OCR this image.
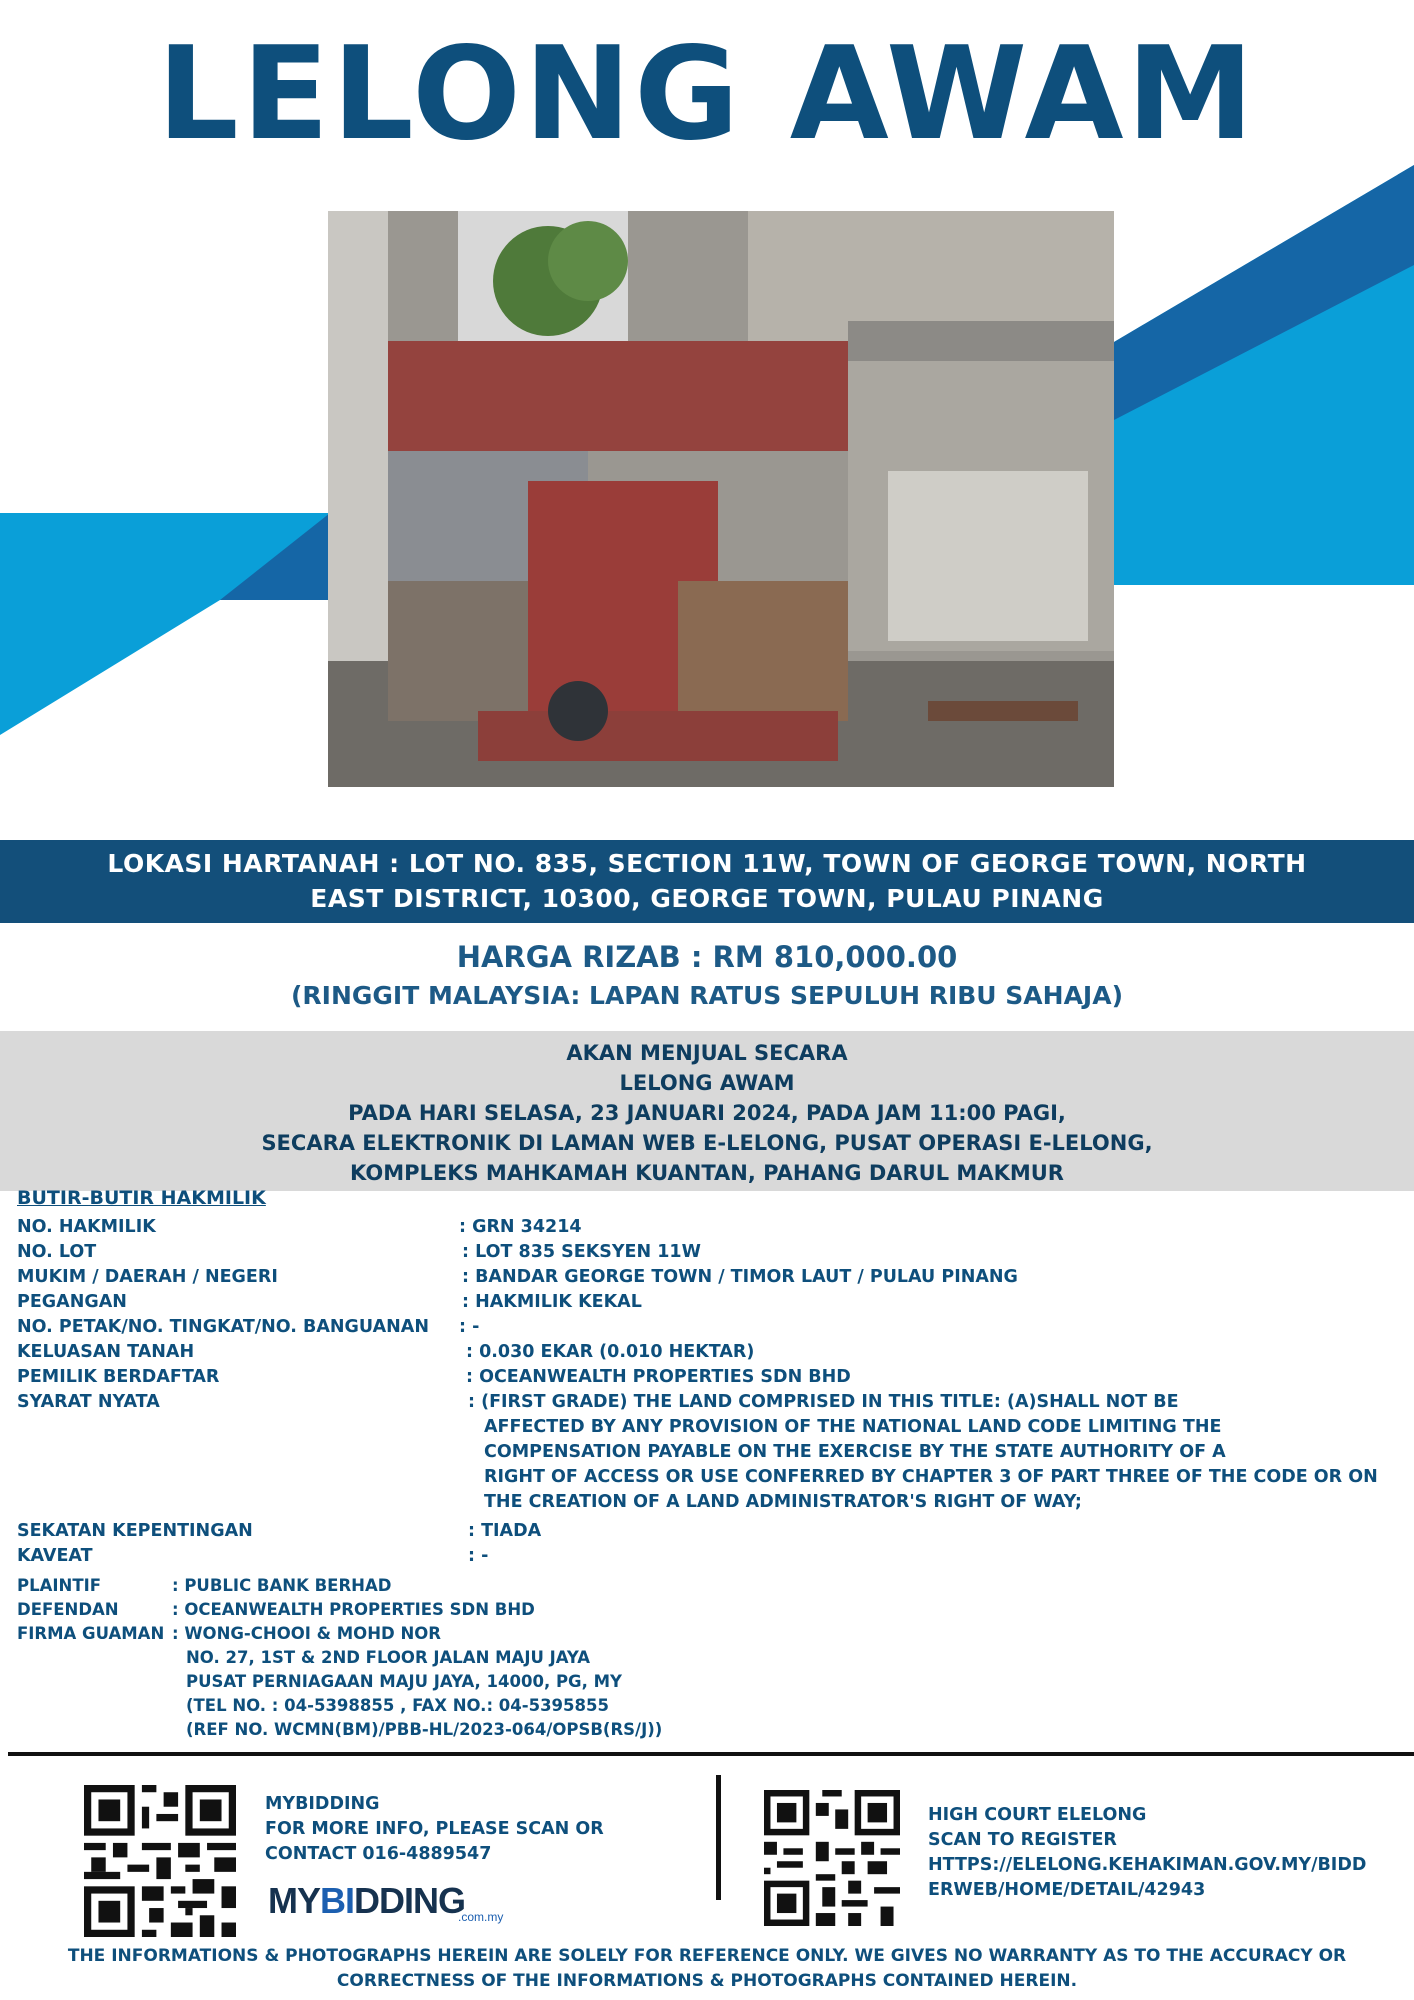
LELONG AWAM
LOKASI HARTANAH : LOT NO. 835, SECTION 11W, TOWN OF GEORGE TOWN, NORTH
EAST DISTRICT, 10300, GEORGE TOWN, PULAU PINANG
HARGA RIZAB : RM 810,000.00
(RINGGIT MALAYSIA: LAPAN RATUS SEPULUH RIBU SAHAJA)
AKAN MENJUAL SECARA
LELONG AWAM
PADA HARI SELASA, 23 JANUARI 2024, PADA JAM 11:00 PAGI,
SECARA ELEKTRONIK DI LAMAN WEB E-LELONG, PUSAT OPERASI E-LELONG,
KOMPLEKS MAHKAMAH KUANTAN, PAHANG DARUL MAKMUR
BUTIR-BUTIR HAKMILIK
NO. HAKMILIK	: GRN 34214
NO. LOT	: LOT 835 SEKSYEN 11W
MUKIM / DAERAH / NEGERI	: BANDAR GEORGE TOWN / TIMOR LAUT / PULAU PINANG
PEGANGAN	: HAKMILIK KEKAL
NO. PETAK/NO. TINGKAT/NO. BANGUANAN : -
KELUASAN TANAH	: 0.030 EKAR (0.010 HEKTAR)
PEMILIK BERDAFTAR	: OCEANWEALTH PROPERTIES SDN BHD
SYARAT NYATA	: (FIRST GRADE) THE LAND COMPRISED IN THIS TITLE: (A)SHALL NOT BE
AFFECTED BY ANY PROVISION OF THE NATIONAL LAND CODE LIMITING THE
COMPENSATION PAYABLE ON THE EXERCISE BY THE STATE AUTHORITY OF A
RIGHT OF ACCESS OR USE CONFERRED BY CHAPTER 3 OF PART THREE OF THE CODE OR ON
THE CREATION OF A LAND ADMINISTRATOR'S RIGHT OF WAY;
SEKATAN KEPENTINGAN	: TIADA
KAVEAT	: -
PLAINTIF	: PUBLIC BANK BERHAD
DEFENDAN	: OCEANWEALTH PROPERTIES SDN BHD
FIRMA GUAMAN : WONG-CHOOI & MOHD NOR
NO. 27, 1ST & 2ND FLOOR JALAN MAJU JAYA
PUSAT PERNIAGAAN MAJU JAYA, 14000, PG, MY
(TEL NO. : 04-5398855 , FAX NO.: 04-5395855
(REF NO. WCMN(BM)/PBB-HL/2023-064/OPSB(RS/J))
MYBIDDING
FOR MORE INFO, PLEASE SCAN OR
CONTACT 016-4889547
MYBIDDING
.com.my
HIGH COURT ELELONG
SCAN TO REGISTER
HTTPS://ELELONG.KEHAKIMAN.GOV.MY/BIDD
ERWEB/HOME/DETAIL/42943
THE INFORMATIONS & PHOTOGRAPHS HEREIN ARE SOLELY FOR REFERENCE ONLY. WE GIVES NO WARRANTY AS TO THE ACCURACY OR
CORRECTNESS OF THE INFORMATIONS & PHOTOGRAPHS CONTAINED HEREIN.
